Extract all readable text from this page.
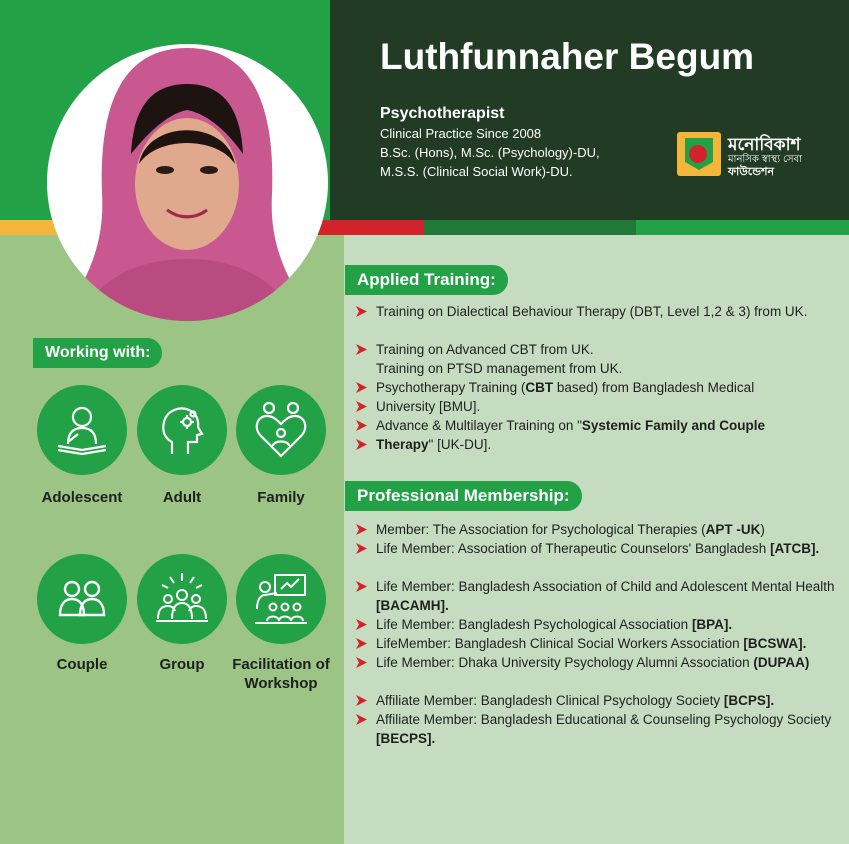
Luthfunnaher Begum
Psychotherapist
Clinical Practice Since 2008
B.Sc. (Hons), M.Sc. (Psychology)-DU,
M.S.S. (Clinical Social Work)-DU.
মনোবিকাশ
মানসিক স্বাস্থ্য সেবা
ফাউন্ডেশন
Working with:
Adolescent	Adult	Family
Couple	Group	Facilitation of Workshop
Applied Training:
Training on Dialectical Behaviour Therapy (DBT, Level 1,2 & 3) from UK.
Training on Advanced CBT from UK.
Training on PTSD management from UK.
Psychotherapy Training (CBT based) from Bangladesh Medical
University [BMU].
Advance & Multilayer Training on "Systemic Family and Couple
Therapy" [UK-DU].
Professional Membership:
Member: The Association for Psychological Therapies (APT -UK)
Life Member: Association of Therapeutic Counselors' Bangladesh [ATCB].
Life Member: Bangladesh Association of Child and Adolescent Mental Health [BACAMH].
Life Member: Bangladesh Psychological Association [BPA].
LifeMember: Bangladesh Clinical Social Workers Association [BCSWA].
Life Member: Dhaka University Psychology Alumni Association (DUPAA)
Affiliate Member: Bangladesh Clinical Psychology Society [BCPS].
Affiliate Member: Bangladesh Educational & Counseling Psychology Society [BECPS].
